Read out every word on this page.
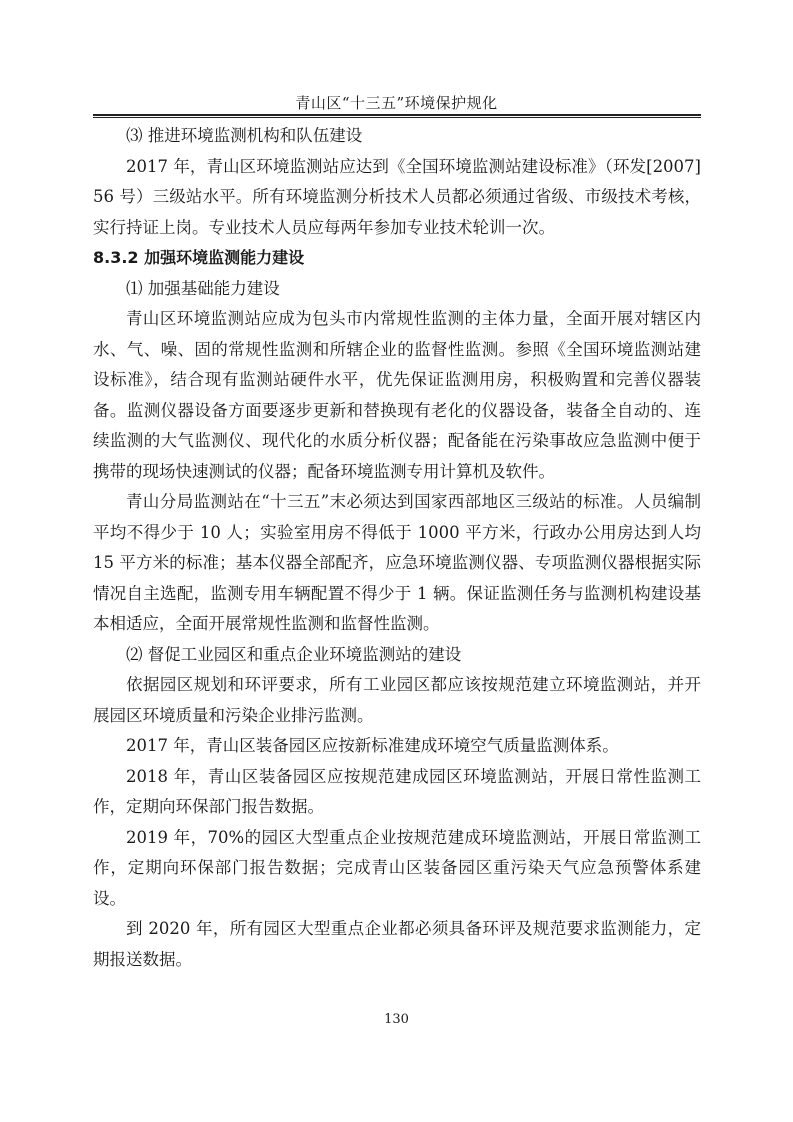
青山区“十三五”环境保护规化

⑶ 推进环境监测机构和队伍建设

2017 年，青山区环境监测站应达到《全国环境监测站建设标准》（环发[2007]56 号）三级站水平。所有环境监测分析技术人员都必须通过省级、市级技术考核，实行持证上岗。专业技术人员应每两年参加专业技术轮训一次。

8.3.2 加强环境监测能力建设

⑴ 加强基础能力建设

青山区环境监测站应成为包头市内常规性监测的主体力量，全面开展对辖区内水、气、噪、固的常规性监测和所辖企业的监督性监测。参照《全国环境监测站建设标准》，结合现有监测站硬件水平，优先保证监测用房，积极购置和完善仪器装备。监测仪器设备方面要逐步更新和替换现有老化的仪器设备，装备全自动的、连续监测的大气监测仪、现代化的水质分析仪器；配备能在污染事故应急监测中便于携带的现场快速测试的仪器；配备环境监测专用计算机及软件。

青山分局监测站在“十三五”末必须达到国家西部地区三级站的标准。人员编制平均不得少于 10 人；实验室用房不得低于 1000 平方米，行政办公用房达到人均 15 平方米的标准；基本仪器全部配齐，应急环境监测仪器、专项监测仪器根据实际情况自主选配，监测专用车辆配置不得少于 1 辆。保证监测任务与监测机构建设基本相适应，全面开展常规性监测和监督性监测。

⑵ 督促工业园区和重点企业环境监测站的建设

依据园区规划和环评要求，所有工业园区都应该按规范建立环境监测站，并开展园区环境质量和污染企业排污监测。

2017 年，青山区装备园区应按新标准建成环境空气质量监测体系。

2018 年，青山区装备园区应按规范建成园区环境监测站，开展日常性监测工作，定期向环保部门报告数据。

2019 年，70%的园区大型重点企业按规范建成环境监测站，开展日常监测工作，定期向环保部门报告数据；完成青山区装备园区重污染天气应急预警体系建设。

到 2020 年，所有园区大型重点企业都必须具备环评及规范要求监测能力，定期报送数据。

130
